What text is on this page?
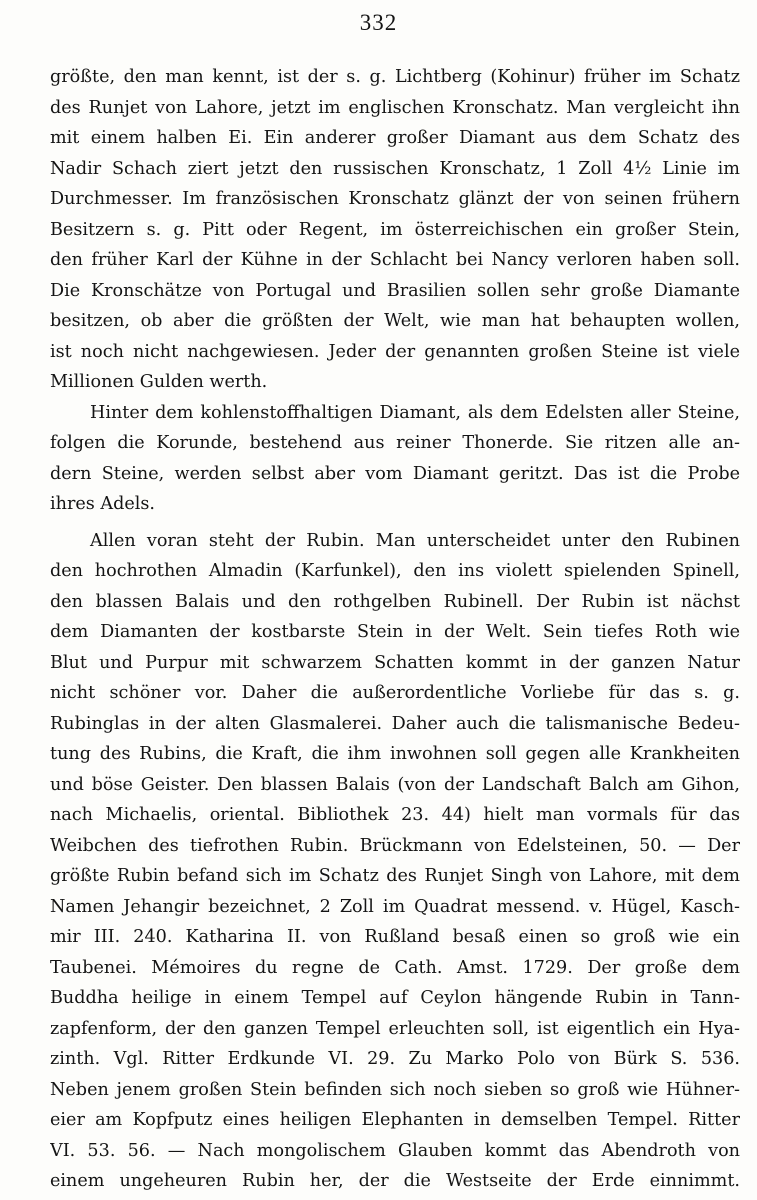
332
größte, den man kennt, ist der s. g. Lichtberg (Kohinur) früher im Schatz
des Runjet von Lahore, jetzt im englischen Kronschatz. Man vergleicht ihn
mit einem halben Ei. Ein anderer großer Diamant aus dem Schatz des
Nadir Schach ziert jetzt den russischen Kronschatz, 1 Zoll 4½ Linie im
Durchmesser. Im französischen Kronschatz glänzt der von seinen frühern
Besitzern s. g. Pitt oder Regent, im österreichischen ein großer Stein,
den früher Karl der Kühne in der Schlacht bei Nancy verloren haben soll.
Die Kronschätze von Portugal und Brasilien sollen sehr große Diamante
besitzen, ob aber die größten der Welt, wie man hat behaupten wollen,
ist noch nicht nachgewiesen. Jeder der genannten großen Steine ist viele
Millionen Gulden werth.
Hinter dem kohlenstoffhaltigen Diamant, als dem Edelsten aller Steine,
folgen die Korunde, bestehend aus reiner Thonerde. Sie ritzen alle an-
dern Steine, werden selbst aber vom Diamant geritzt. Das ist die Probe
ihres Adels.
Allen voran steht der Rubin. Man unterscheidet unter den Rubinen
den hochrothen Almadin (Karfunkel), den ins violett spielenden Spinell,
den blassen Balais und den rothgelben Rubinell. Der Rubin ist nächst
dem Diamanten der kostbarste Stein in der Welt. Sein tiefes Roth wie
Blut und Purpur mit schwarzem Schatten kommt in der ganzen Natur
nicht schöner vor. Daher die außerordentliche Vorliebe für das s. g.
Rubinglas in der alten Glasmalerei. Daher auch die talismanische Bedeu-
tung des Rubins, die Kraft, die ihm inwohnen soll gegen alle Krankheiten
und böse Geister. Den blassen Balais (von der Landschaft Balch am Gihon,
nach Michaelis, oriental. Bibliothek 23. 44) hielt man vormals für das
Weibchen des tiefrothen Rubin. Brückmann von Edelsteinen, 50. — Der
größte Rubin befand sich im Schatz des Runjet Singh von Lahore, mit dem
Namen Jehangir bezeichnet, 2 Zoll im Quadrat messend. v. Hügel, Kasch-
mir III. 240. Katharina II. von Rußland besaß einen so groß wie ein
Taubenei. Mémoires du regne de Cath. Amst. 1729. Der große dem
Buddha heilige in einem Tempel auf Ceylon hängende Rubin in Tann-
zapfenform, der den ganzen Tempel erleuchten soll, ist eigentlich ein Hya-
zinth. Vgl. Ritter Erdkunde VI. 29. Zu Marko Polo von Bürk S. 536.
Neben jenem großen Stein befinden sich noch sieben so groß wie Hühner-
eier am Kopfputz eines heiligen Elephanten in demselben Tempel. Ritter
VI. 53. 56. — Nach mongolischem Glauben kommt das Abendroth von
einem ungeheuren Rubin her, der die Westseite der Erde einnimmt.
